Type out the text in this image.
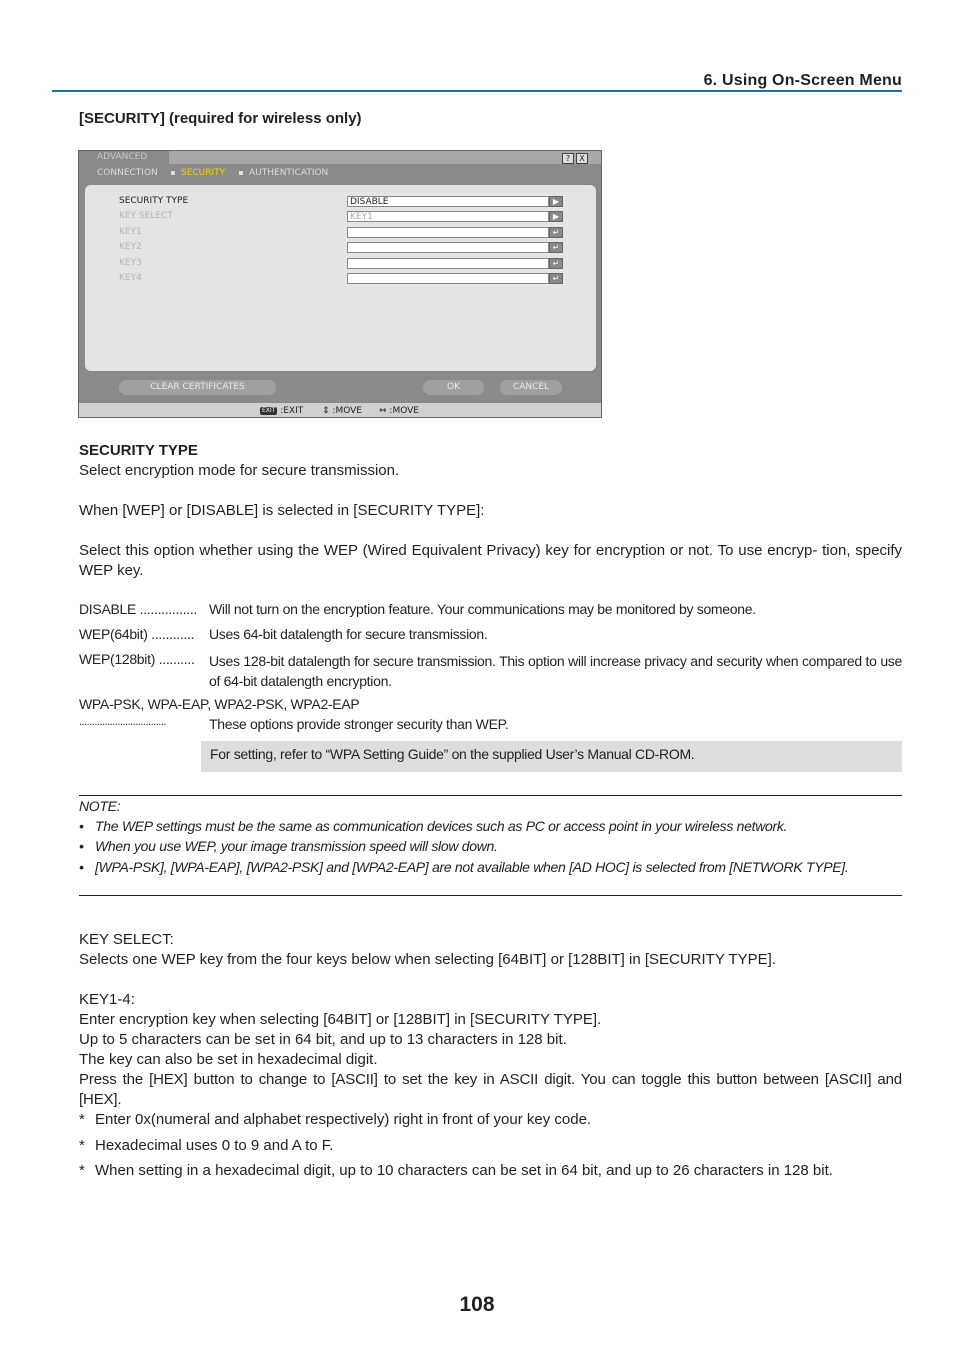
6. Using On-Screen Menu
[SECURITY] (required for wireless only)
ADVANCED	?	X
CONNECTION	SECURITY	AUTHENTICATION
SECURITY TYPE	DISABLE	▶
KEY SELECT	KEY1	▶
KEY1	↵
KEY2	↵
KEY3	↵
KEY4	↵
CLEAR CERTIFICATES	OK	CANCEL
EXIT :EXIT ⇕ :MOVE ⇔ :MOVE
SECURITY TYPE
Select encryption mode for secure transmission.
When [WEP] or [DISABLE] is selected in [SECURITY TYPE]:
Select this option whether using the WEP (Wired Equivalent Privacy) key for encryption or not. To use encryp- tion, specify WEP key.
DISABLE ................ Will not turn on the encryption feature. Your communications may be monitored by someone.
WEP(64bit) ............ Uses 64-bit datalength for secure transmission.
WEP(128bit) .......... Uses 128-bit datalength for secure transmission. This option will increase privacy and security when compared to use of 64-bit datalength encryption.
WPA-PSK, WPA-EAP, WPA2-PSK, WPA2-EAP
..................................	These options provide stronger security than WEP.
For setting, refer to “WPA Setting Guide” on the supplied User’s Manual CD-ROM.
NOTE:
• The WEP settings must be the same as communication devices such as PC or access point in your wireless network.
• When you use WEP, your image transmission speed will slow down.
• [WPA-PSK], [WPA-EAP], [WPA2-PSK] and [WPA2-EAP] are not available when [AD HOC] is selected from [NETWORK TYPE].
KEY SELECT:
Selects one WEP key from the four keys below when selecting [64BIT] or [128BIT] in [SECURITY TYPE].
KEY1-4:
Enter encryption key when selecting [64BIT] or [128BIT] in [SECURITY TYPE].
Up to 5 characters can be set in 64 bit, and up to 13 characters in 128 bit.
The key can also be set in hexadecimal digit.
Press the [HEX] button to change to [ASCII] to set the key in ASCII digit. You can toggle this button between [ASCII] and [HEX].
* Enter 0x(numeral and alphabet respectively) right in front of your key code.
* Hexadecimal uses 0 to 9 and A to F.
* When setting in a hexadecimal digit, up to 10 characters can be set in 64 bit, and up to 26 characters in 128 bit.
108
